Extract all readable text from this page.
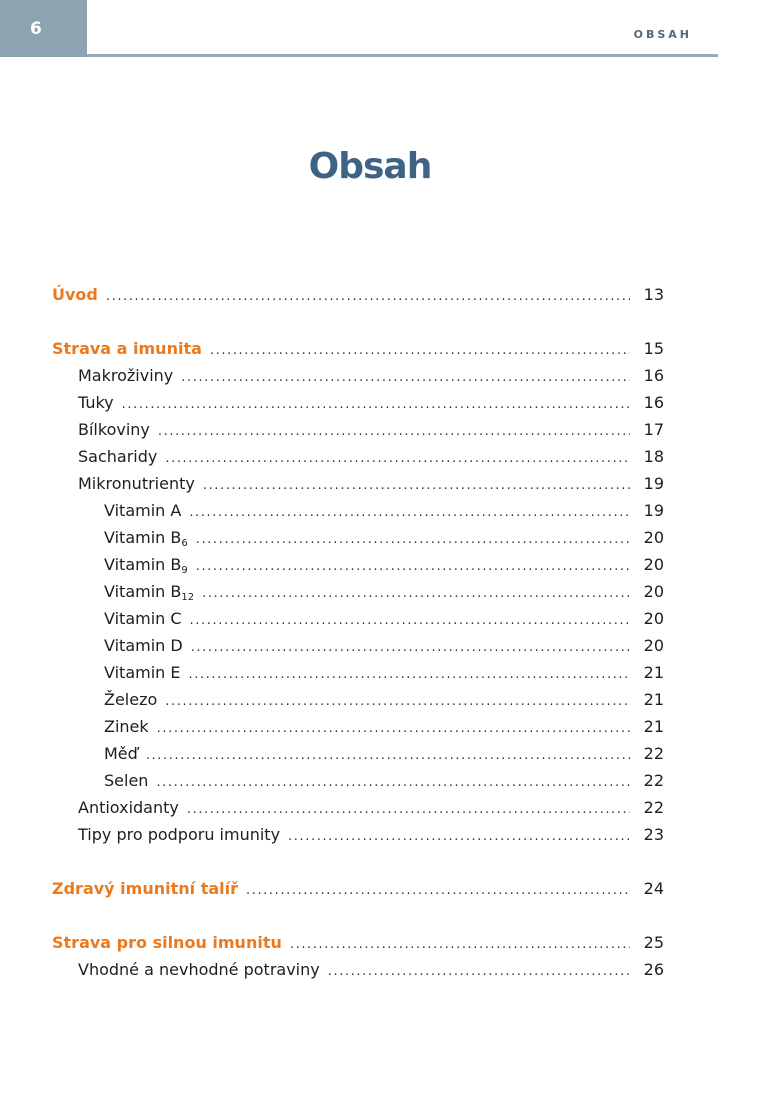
6	OBSAH
Obsah
Úvod .....	13
Strava a imunita .....	15
Makroživiny .....	16
Tuky .....	16
Bílkoviny .....	17
Sacharidy .....	18
Mikronutrienty .....	19
Vitamin A .....	19
Vitamin $B_6$ .....	20
Vitamin $B_9$ .....	20
Vitamin $B_{12}$ .....	20
Vitamin C .....	20
Vitamin D .....	20
Vitamin E .....	21
Železo .....	21
Zinek .....	21
Měď .....	22
Selen .....	22
Antioxidanty .....	22
Tipy pro podporu imunity .....	23
Zdravý imunitní talíř .....	24
Strava pro silnou imunitu .....	25
Vhodné a nevhodné potraviny .....	26
